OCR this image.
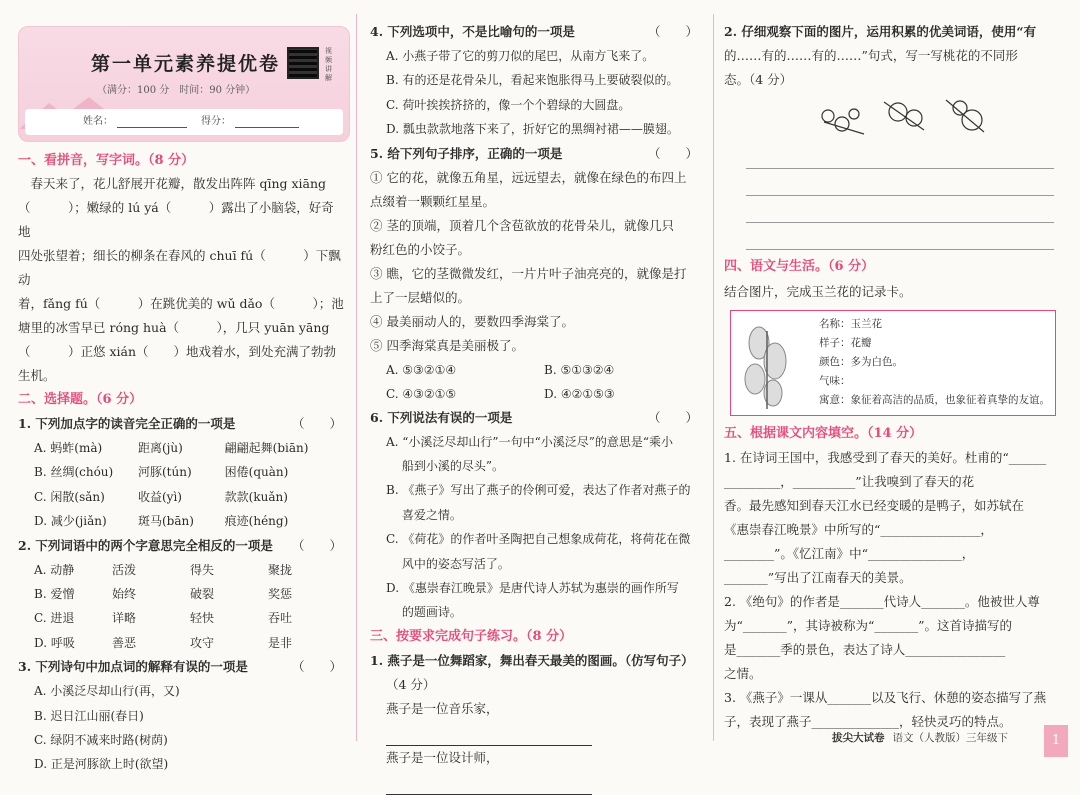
第一单元素养提优卷
（满分：100 分　时间：90 分钟）
视频讲解
姓名：	得分：

一、看拼音，写字词。（8 分）

　春天来了，花儿舒展开花瓣，散发出阵阵 qīng xiāng

（　　　）；嫩绿的 lú yá（　　　）露出了小脑袋，好奇地

四处张望着；细长的柳条在春风的 chuī fú（　　　）下飘动

着，fǎng fú（　　　）在跳优美的 wǔ dǎo（　　　）；池

塘里的冰雪早已 róng huà（　　　），几只 yuān yāng

（　　　）正悠 xián（　　）地戏着水，到处充满了勃勃

生机。

二、选择题。（6 分）

1. 下列加点字的读音完全正确的一项是	（　　）

A. 蚂蚱(mà)	距离(jù)	翩翩起舞(biān)
B. 丝绸(chóu)	河豚(tún)	困倦(quàn)
C. 闲散(sǎn)	收益(yì)	款款(kuǎn)
D. 减少(jiǎn)	斑马(bān)	痕迹(héng)

2. 下列词语中的两个字意思完全相反的一项是 （　　）

A. 动静	活泼	得失	聚拢
B. 爱憎	始终	破裂	奖惩
C. 进退	详略	轻快	吞吐
D. 呼吸	善恶	攻守	是非

3. 下列诗句中加点词的解释有误的一项是	（　　）

A. 小溪泛尽却山行(再，又)

B. 迟日江山丽(春日)

C. 绿阴不减来时路(树荫)

D. 正是河豚欲上时(欲望)

4. 下列选项中，不是比喻句的一项是	（　　）

A. 小燕子带了它的剪刀似的尾巴，从南方飞来了。

B. 有的还是花骨朵儿，看起来饱胀得马上要破裂似的。

C. 荷叶挨挨挤挤的，像一个个碧绿的大圆盘。

D. 瓢虫款款地落下来了，折好它的黑绸衬裙——膜翅。

5. 给下列句子排序，正确的一项是	（　　）

① 它的花，就像五角星，远远望去，就像在绿色的布四上

点缀着一颗颗红星星。

② 茎的顶端，顶着几个含苞欲放的花骨朵儿，就像几只

粉红色的小饺子。

③ 瞧，它的茎微微发红，一片片叶子油亮亮的，就像是打

上了一层蜡似的。

④ 最美丽动人的，要数四季海棠了。

⑤ 四季海棠真是美丽极了。

A. ⑤③②①④	B. ⑤①③②④
C. ④③②①⑤	D. ④②①⑤③

6. 下列说法有误的一项是	（　　）

A. “小溪泛尽却山行”一句中“小溪泛尽”的意思是“乘小

　 船到小溪的尽头”。

B. 《燕子》写出了燕子的伶俐可爱，表达了作者对燕子的

　 喜爱之情。

C. 《荷花》的作者叶圣陶把自己想象成荷花，将荷花在微

　 风中的姿态写活了。

D. 《惠崇春江晚景》是唐代诗人苏轼为惠崇的画作所写

　 的题画诗。

三、按要求完成句子练习。（8 分）

1. 燕子是一位舞蹈家，舞出春天最美的图画。（仿写句子）

（4 分）

燕子是一位音乐家，

燕子是一位设计师，

2. 仔细观察下面的图片，运用积累的优美词语，使用“有

的……有的……有的……”句式，写一写桃花的不同形

态。（4 分）

四、语文与生活。（6 分）

结合图片，完成玉兰花的记录卡。

名称：玉兰花

样子：花瓣

颜色：多为白色。

气味：

寓意：象征着高洁的品质，也象征着真挚的友谊。

五、根据课文内容填空。（14 分）

1. 在诗词王国中，我感受到了春天的美好。杜甫的“______

_________，__________”让我嗅到了春天的花

香。最先感知到春天江水已经变暖的是鸭子，如苏轼在

《惠崇春江晚景》中所写的“________________，

________”。《忆江南》中“_______________，

_______”写出了江南春天的美景。

2. 《绝句》的作者是_______代诗人_______。他被世人尊

为“_______”，其诗被称为“_______”。这首诗描写的

是_______季的景色，表达了诗人________________

之情。

3. 《燕子》一课从_______以及飞行、休憩的姿态描写了燕

子，表现了燕子______________，轻快灵巧的特点。

拔尖大试卷 语文（人教版）三年级下	1
